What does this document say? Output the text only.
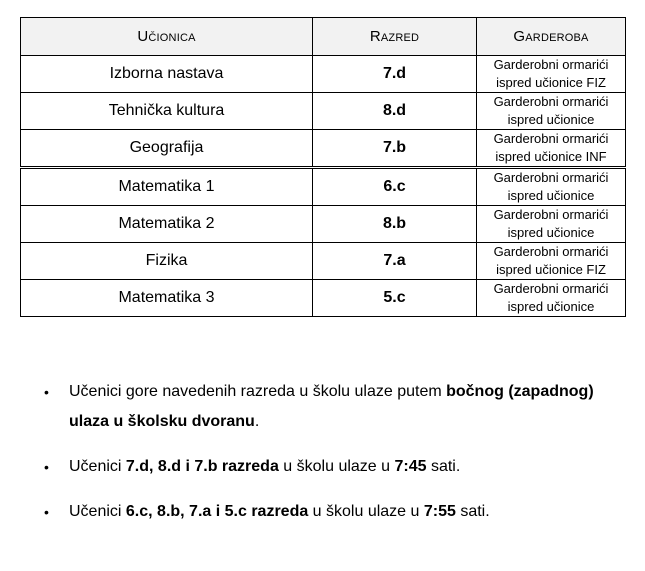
Učionica	Razred	Garderoba
Izborna nastava	7.d	Garderobni ormarići
ispred učionice FIZ
Tehnička kultura	8.d	Garderobni ormarići
ispred učionice
Geografija	7.b	Garderobni ormarići
ispred učionice INF
Matematika 1	6.c	Garderobni ormarići
ispred učionice
Matematika 2	8.b	Garderobni ormarići
ispred učionice
Fizika	7.a	Garderobni ormarići
ispred učionice FIZ
Matematika 3	5.c	Garderobni ormarići
ispred učionice
•	Učenici gore navedenih razreda u školu ulaze putem bočnog (zapadnog) ulaza u školsku dvoranu.
•	Učenici 7.d, 8.d i 7.b razreda u školu ulaze u 7:45 sati.
•	Učenici 6.c, 8.b, 7.a i 5.c razreda u školu ulaze u 7:55 sati.
